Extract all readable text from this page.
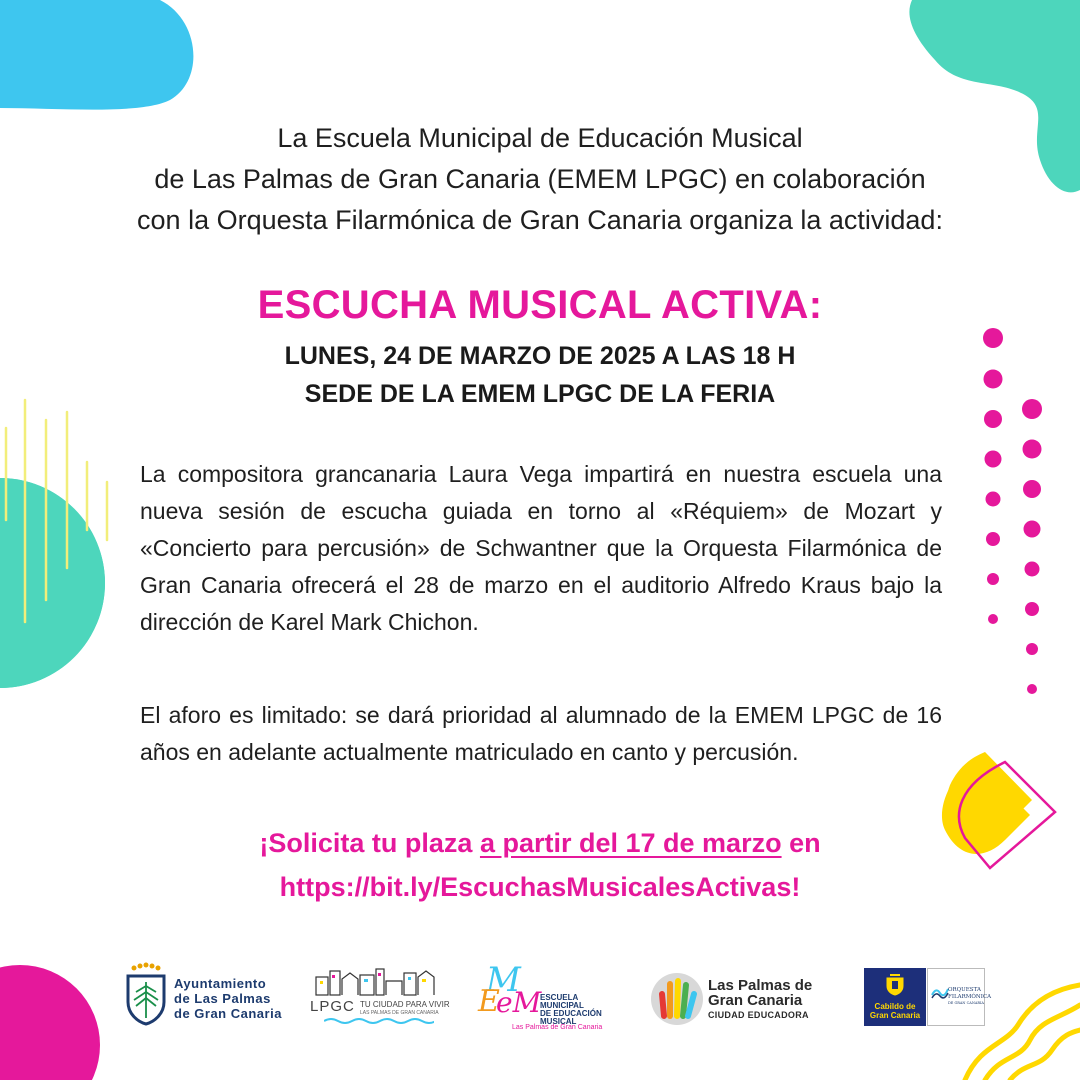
La Escuela Municipal de Educación Musical
de Las Palmas de Gran Canaria (EMEM LPGC) en colaboración
con la Orquesta Filarmónica de Gran Canaria organiza la actividad:
ESCUCHA MUSICAL ACTIVA:
LUNES, 24 DE MARZO DE 2025 A LAS 18 H
SEDE DE LA EMEM LPGC DE LA FERIA
La compositora grancanaria Laura Vega impartirá en nuestra escuela una nueva sesión de escucha guiada en torno al «Réquiem» de Mozart y «Concierto para percusión» de Schwantner que la Orquesta Filarmónica de Gran Canaria ofrecerá el 28 de marzo en el auditorio Alfredo Kraus bajo la dirección de Karel Mark Chichon.
El aforo es limitado: se dará prioridad al alumnado de la EMEM LPGC de 16 años en adelante actualmente matriculado en canto y percusión.
¡Solicita tu plaza a partir del 17 de marzo en
https://bit.ly/EscuchasMusicalesActivas!
Ayuntamiento
de Las Palmas
de Gran Canaria LPGC TU CIUDAD PARA VIVIR
LAS PALMAS DE GRAN CANARIA
M
E
eM
ESCUELA
MUNICIPAL
DE EDUCACIÓN
MUSICAL
Las Palmas de Gran Canaria
Las Palmas de
Gran Canaria
CIUDAD EDUCADORA
Cabildo de
Gran Canaria
ORQUESTA
FILARMÓNICA
DE GRAN CANARIA
